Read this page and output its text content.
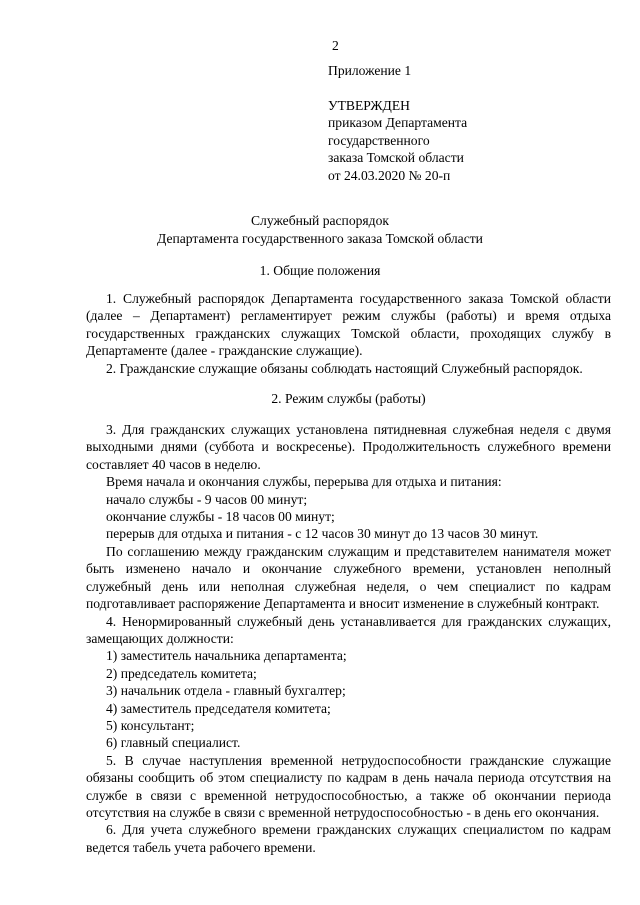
2
Приложение 1
УТВЕРЖДЕН
приказом Департамента
государственного
заказа Томской области
от 24.03.2020 № 20-п
Служебный распорядок
Департамента государственного заказа Томской области
1. Общие положения

1. Служебный распорядок Департамента государственного заказа Томской области (далее – Департамент) регламентирует режим службы (работы) и время отдыха государственных гражданских служащих Томской области, проходящих службу в Департаменте (далее - гражданские служащие).

2. Гражданские служащие обязаны соблюдать настоящий Служебный распорядок.

2. Режим службы (работы)

3. Для гражданских служащих установлена пятидневная служебная неделя с двумя выходными днями (суббота и воскресенье). Продолжительность служебного времени составляет 40 часов в неделю.

Время начала и окончания службы, перерыва для отдыха и питания:

начало службы - 9 часов 00 минут;

окончание службы - 18 часов 00 минут;

перерыв для отдыха и питания - с 12 часов 30 минут до 13 часов 30 минут.

По соглашению между гражданским служащим и представителем нанимателя может быть изменено начало и окончание служебного времени, установлен неполный служебный день или неполная служебная неделя, о чем специалист по кадрам подготавливает распоряжение Департамента и вносит изменение в служебный контракт.

4. Ненормированный служебный день устанавливается для гражданских служащих, замещающих должности:

1) заместитель начальника департамента;

2) председатель комитета;

3) начальник отдела - главный бухгалтер;

4) заместитель председателя комитета;

5) консультант;

6) главный специалист.

5. В случае наступления временной нетрудоспособности гражданские служащие обязаны сообщить об этом специалисту по кадрам в день начала периода отсутствия на службе в связи с временной нетрудоспособностью, а также об окончании периода отсутствия на службе в связи с временной нетрудоспособностью - в день его окончания.

6. Для учета служебного времени гражданских служащих специалистом по кадрам ведется табель учета рабочего времени.
